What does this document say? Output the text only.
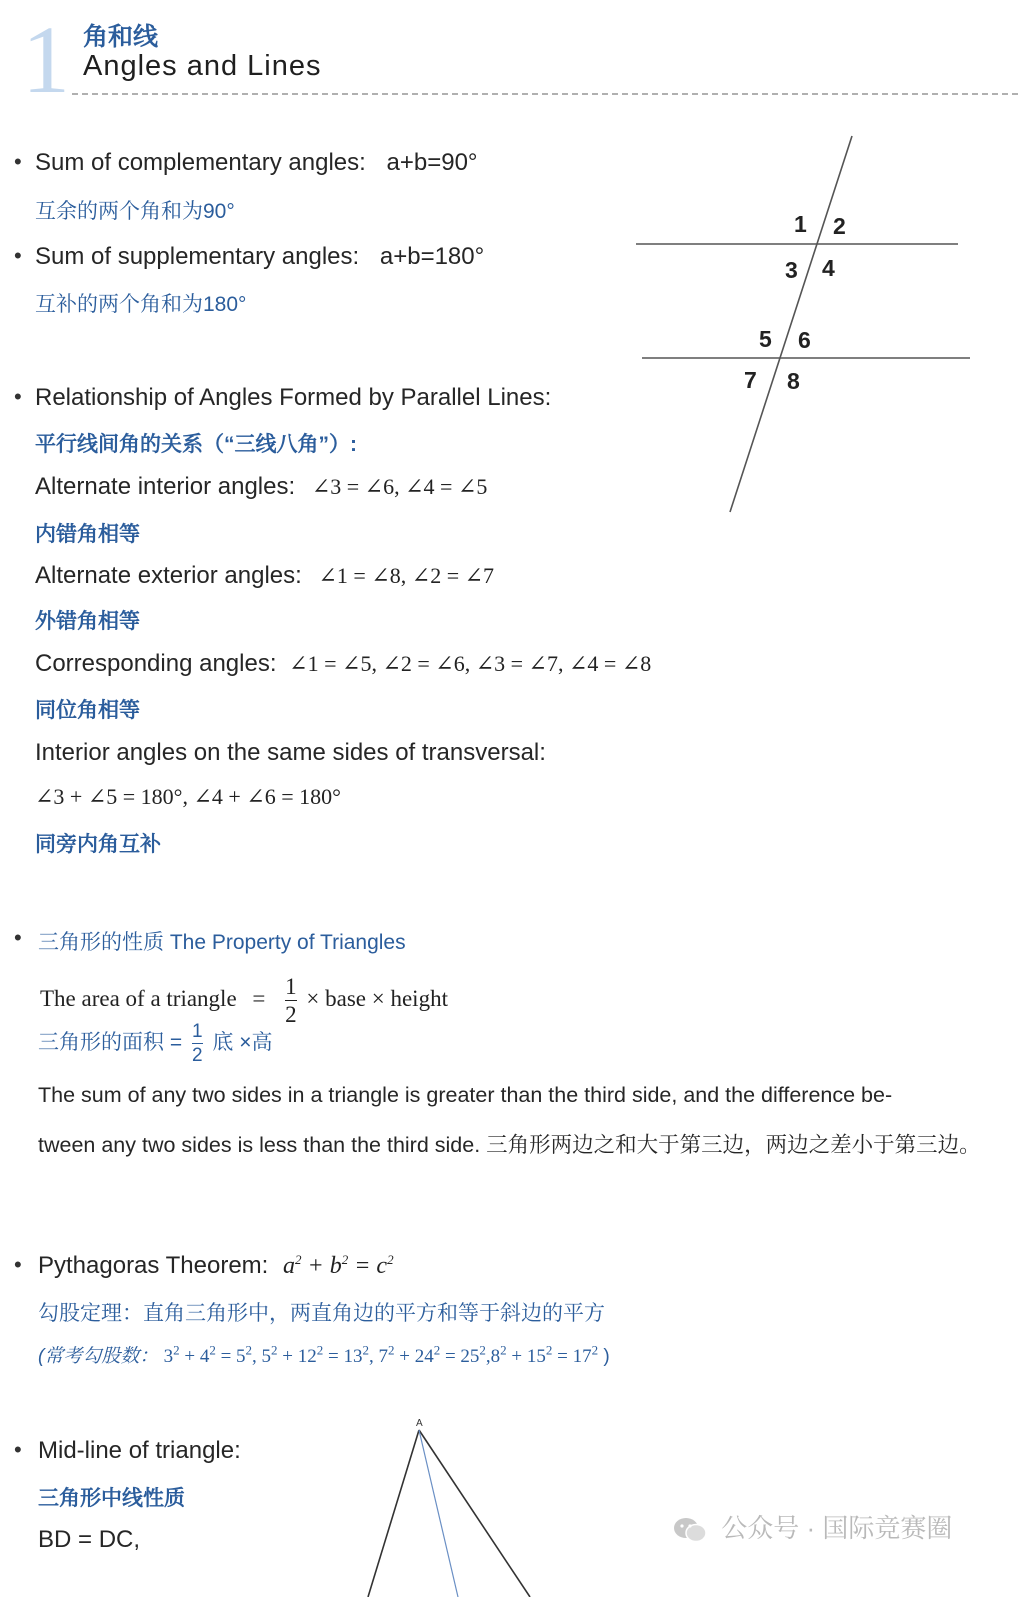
1 角和线
Angles and Lines
• Sum of complementary angles: a+b=90°
互余的两个角和为90°
• Sum of supplementary angles: a+b=180°
互补的两个角和为180°
1 2
3 4
5 6
7 8
• Relationship of Angles Formed by Parallel Lines:
平行线间角的关系（“三线八角”）:
Alternate interior angles: ∠3 = ∠6, ∠4 = ∠5
内错角相等
Alternate exterior angles: ∠1 = ∠8, ∠2 = ∠7
外错角相等
Corresponding angles: ∠1 = ∠5, ∠2 = ∠6, ∠3 = ∠7, ∠4 = ∠8
同位角相等
Interior angles on the same sides of transversal:
∠3 + ∠5 = 180°, ∠4 + ∠6 = 180°
同旁内角互补
• 三角形的性质 The Property of Triangles
The area of a triangle = $\frac{1}{2}$ × base × height
三角形的面积 = $\frac{1}{2}$ 底 ×高
The sum of any two sides in a triangle is greater than the third side, and the difference be-
tween any two sides is less than the third side. 三角形两边之和大于第三边，两边之差小于第三边。
• Pythagoras Theorem: $a^2 + b^2 = c^2$
勾股定理：直角三角形中，两直角边的平方和等于斜边的平方
(常考勾股数： $3^2 + 4^2 = 5^2$, $5^2 + 12^2 = 13^2$, $7^2 + 24^2 = 25^2,8^2 + 15^2 = 17^2$ )
• Mid-line of triangle:
三角形中线性质
BD = DC,
A
公众号 · 国际竞赛圈
